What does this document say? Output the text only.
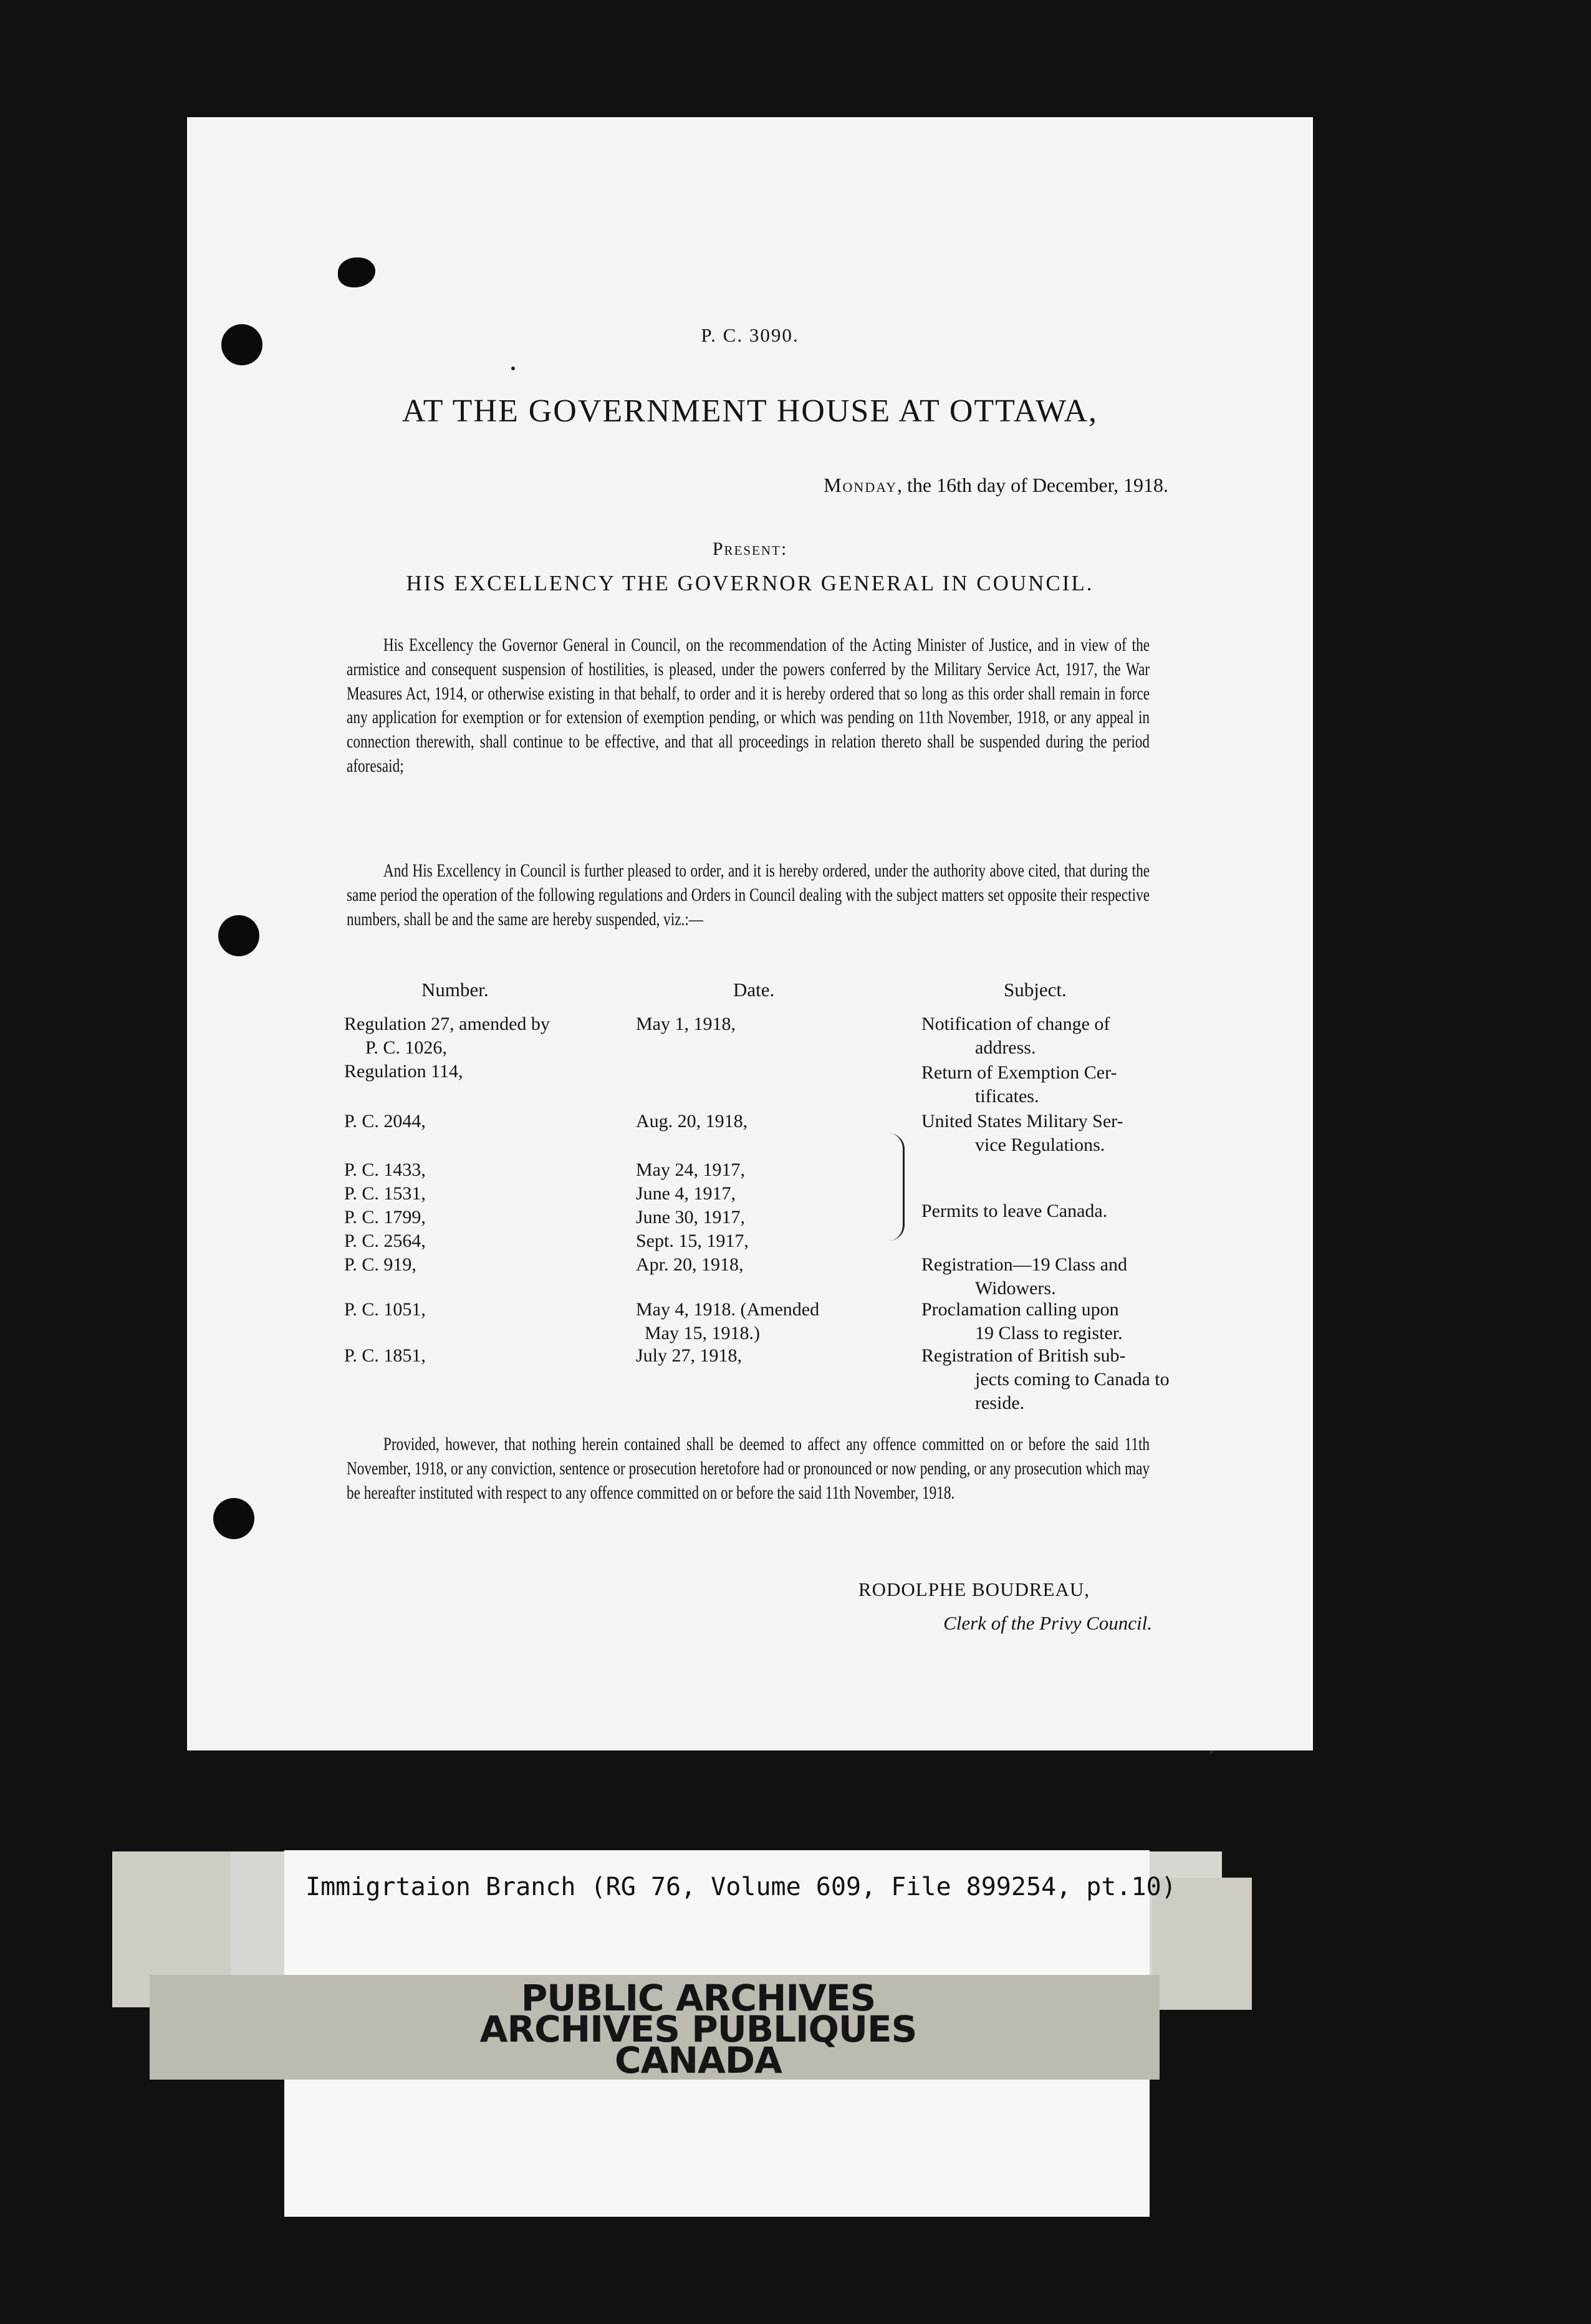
P. C. 3090.
AT THE GOVERNMENT HOUSE AT OTTAWA,
Monday, the 16th day of December, 1918.
Present:
HIS EXCELLENCY THE GOVERNOR GENERAL IN COUNCIL.
His Excellency the Governor General in Council, on the recommendation of the Acting Minister of Justice, and in view of the armistice and consequent suspension of hostilities, is pleased, under the powers conferred by the Military Service Act, 1917, the War Measures Act, 1914, or otherwise existing in that behalf, to order and it is hereby ordered that so long as this order shall remain in force any application for exemption or for extension of exemption pending, or which was pending on 11th November, 1918, or any appeal in connection therewith, shall continue to be effective, and that all proceedings in relation thereto shall be suspended during the period aforesaid;
And His Excellency in Council is further pleased to order, and it is hereby ordered, under the authority above cited, that during the same period the operation of the following regulations and Orders in Council dealing with the subject matters set opposite their respective numbers, shall be and the same are hereby suspended, viz.:—
Number.	Date.	Subject.
Regulation 27, amended by
P. C. 1026,
Regulation 114,
P. C. 2044,
P. C. 1433,
P. C. 1531,
P. C. 1799,
P. C. 2564,
P. C. 919,
P. C. 1051,
P. C. 1851,
May 1, 1918,
Aug. 20, 1918,
May 24, 1917,
June 4, 1917,
June 30, 1917,
Sept. 15, 1917,
Apr. 20, 1918,
May 4, 1918. (Amended
May 15, 1918.)
July 27, 1918,
Notification of change of
address.
Return of Exemption Cer-
tificates.
United States Military Ser-
vice Regulations.
Permits to leave Canada.
Registration—19 Class and
Widowers.
Proclamation calling upon
19 Class to register.
Registration of British sub-
jects coming to Canada to
reside.
Provided, however, that nothing herein contained shall be deemed to affect any offence committed on or before the said 11th November, 1918, or any conviction, sentence or prosecution heretofore had or pronounced or now pending, or any prosecution which may be hereafter instituted with respect to any offence committed on or before the said 11th November, 1918.
RODOLPHE BOUDREAU,
Clerk of the Privy Council.
Immigrtaion Branch (RG 76, Volume 609, File 899254, pt.10)
PUBLIC ARCHIVES
ARCHIVES PUBLIQUES
CANADA
